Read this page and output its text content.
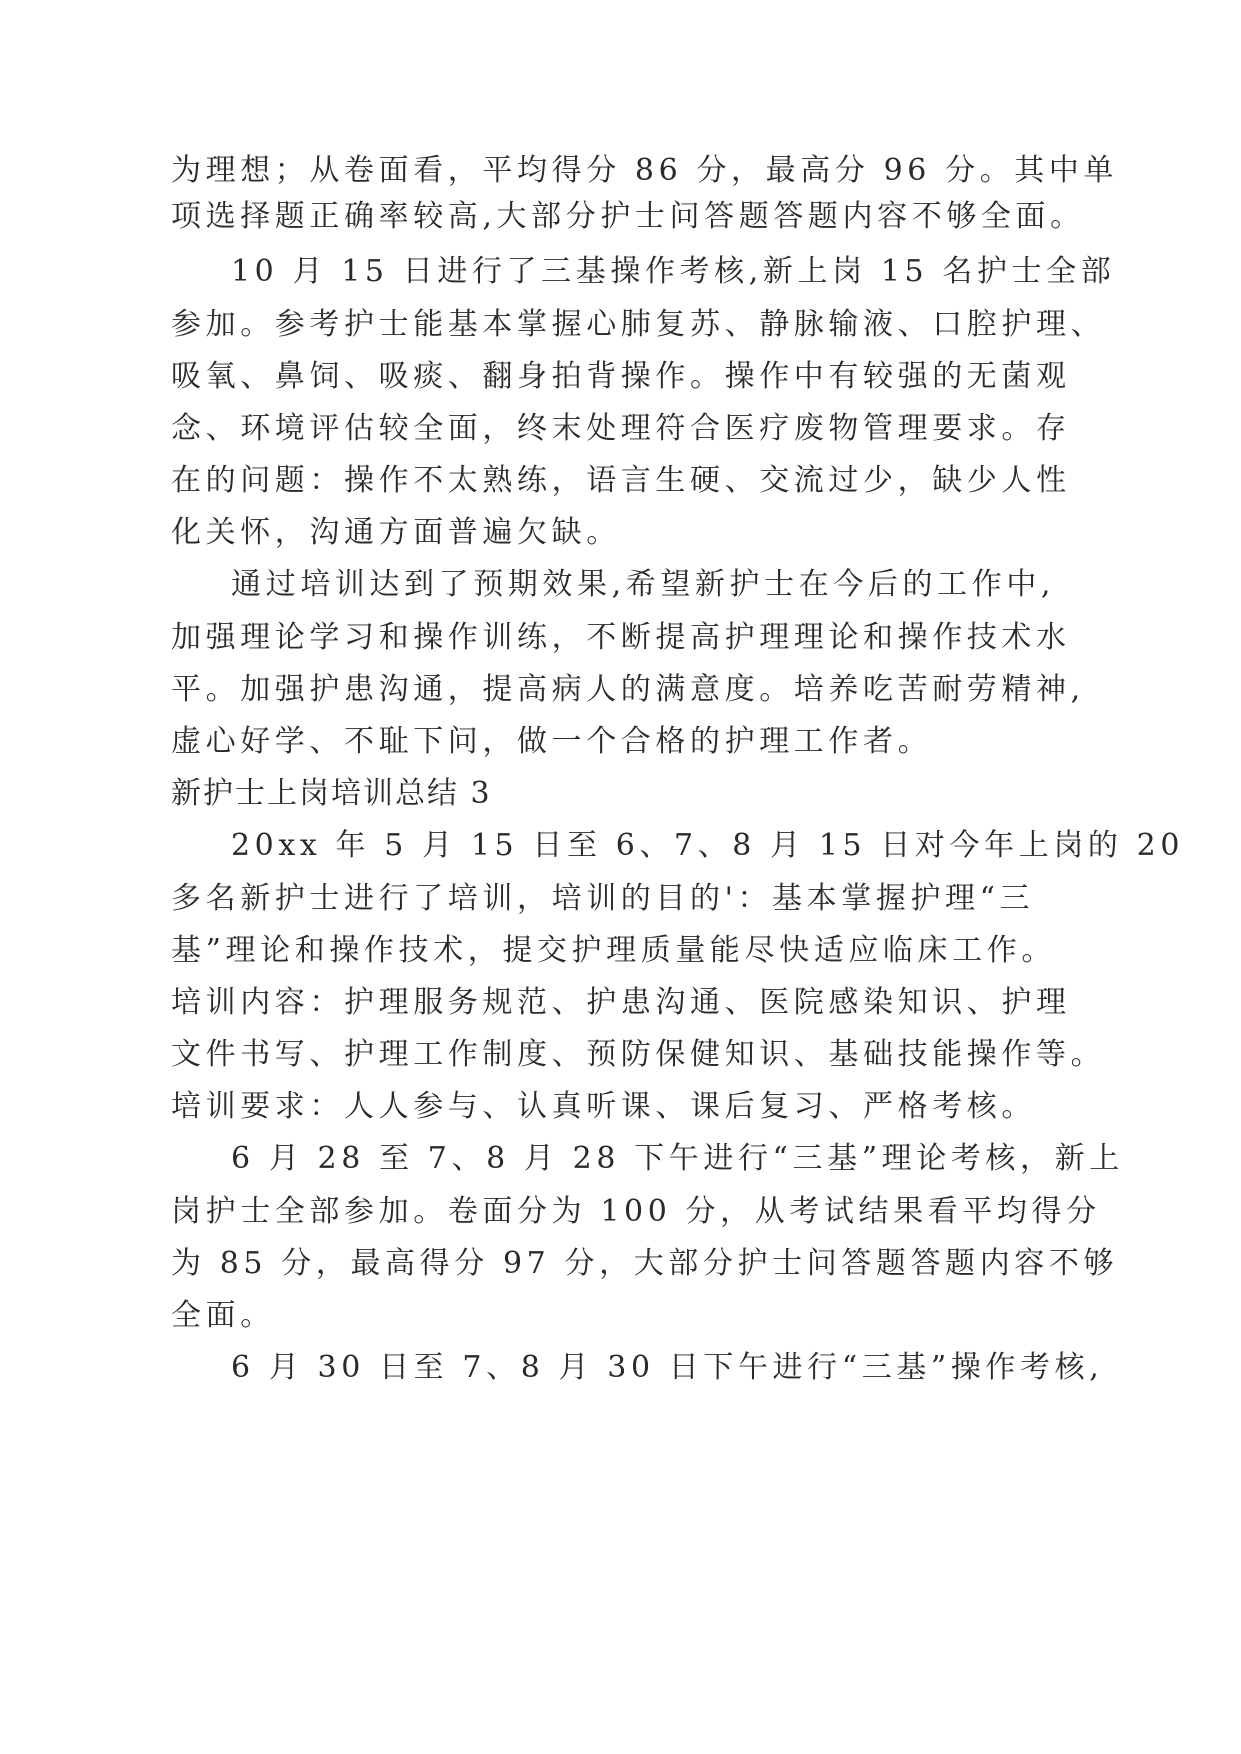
为理想；从卷面看，平均得分 86 分，最高分 96 分。其中单
项选择题正确率较高,大部分护士问答题答题内容不够全面。
10 月 15 日进行了三基操作考核,新上岗 15 名护士全部
参加。参考护士能基本掌握心肺复苏、静脉输液、口腔护理、
吸氧、鼻饲、吸痰、翻身拍背操作。操作中有较强的无菌观
念、环境评估较全面，终末处理符合医疗废物管理要求。存
在的问题：操作不太熟练，语言生硬、交流过少，缺少人性
化关怀，沟通方面普遍欠缺。
通过培训达到了预期效果,希望新护士在今后的工作中,
加强理论学习和操作训练，不断提高护理理论和操作技术水
平。加强护患沟通，提高病人的满意度。培养吃苦耐劳精神,
虚心好学、不耻下问，做一个合格的护理工作者。
新护士上岗培训总结 3
20xx 年 5 月 15 日至 6、7、8 月 15 日对今年上岗的 20
多名新护士进行了培训，培训的目的'：基本掌握护理“三
基”理论和操作技术，提交护理质量能尽快适应临床工作。
培训内容：护理服务规范、护患沟通、医院感染知识、护理
文件书写、护理工作制度、预防保健知识、基础技能操作等。
培训要求：人人参与、认真听课、课后复习、严格考核。
6 月 28 至 7、8 月 28 下午进行“三基”理论考核，新上
岗护士全部参加。卷面分为 100 分，从考试结果看平均得分
为 85 分，最高得分 97 分，大部分护士问答题答题内容不够
全面。
6 月 30 日至 7、8 月 30 日下午进行“三基”操作考核,
